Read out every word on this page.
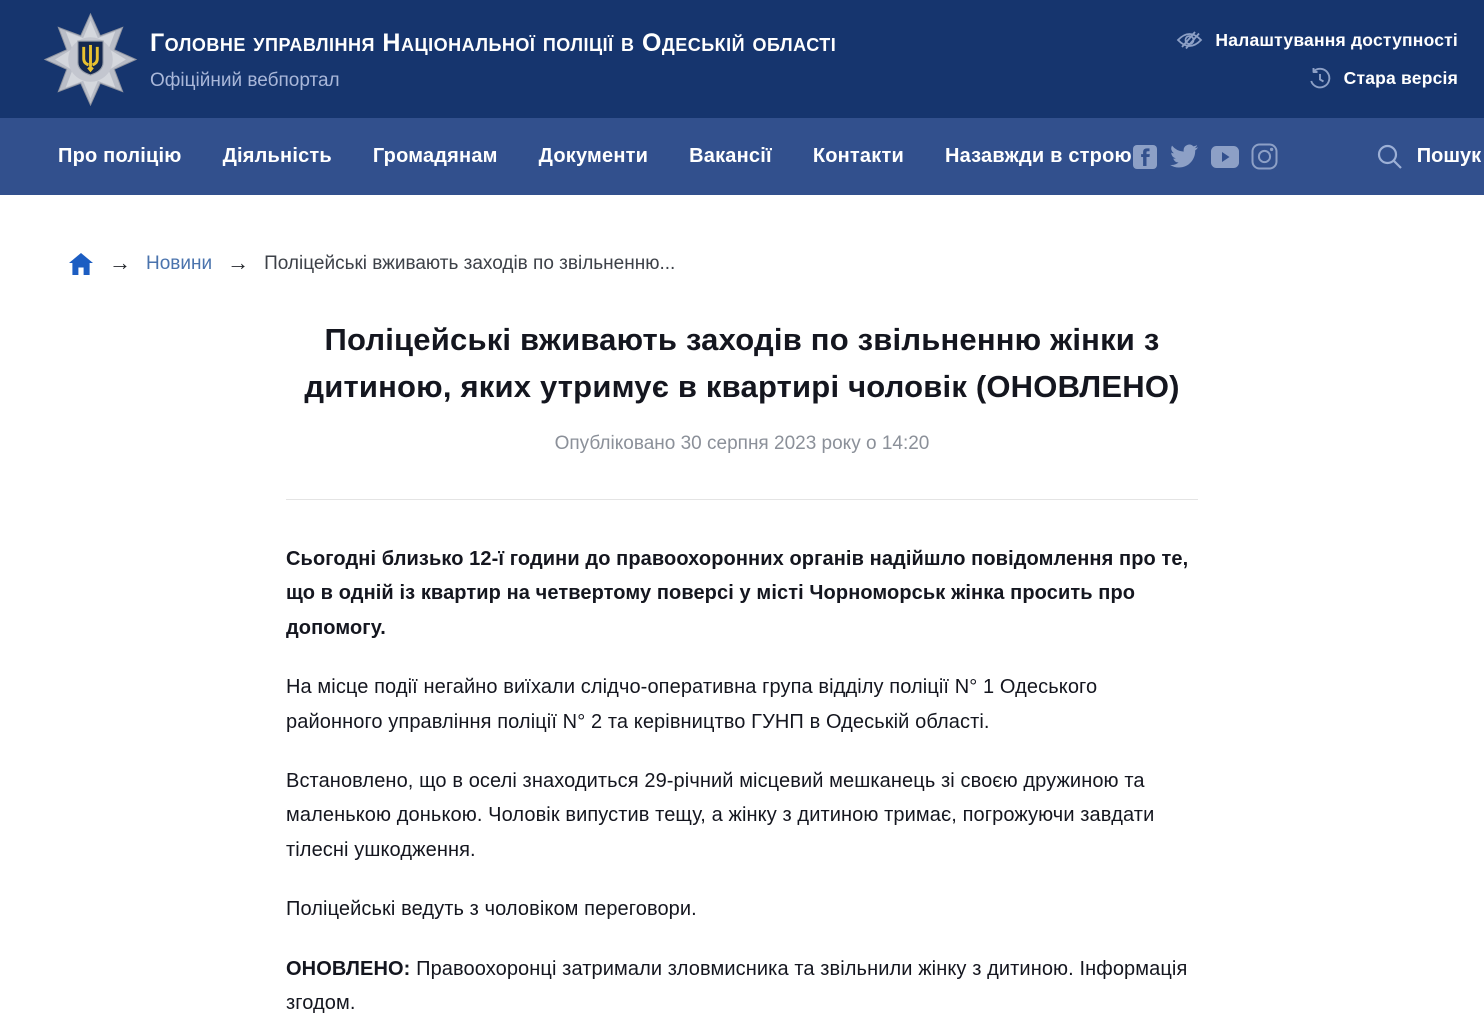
Головне управління Національної поліції в Одеській області
Офіційний вебпортал
Налаштування доступності
Стара версія
Про поліцію Діяльність Громадянам Документи Вакансії Контакти Назавжди в строю	Пошук
→ Новини → Поліцейські вживають заходів по звільненню...
Поліцейські вживають заходів по звільненню жінки з дитиною, яких утримує в квартирі чоловік (ОНОВЛЕНО)
Опубліковано 30 серпня 2023 року о 14:20

Сьогодні близько 12-ї години до правоохоронних органів надійшло повідомлення про те, що в одній із квартир на четвертому поверсі у місті Чорноморськ жінка просить про допомогу.

На місце події негайно виїхали слідчо-оперативна група відділу поліції N° 1 Одеського районного управління поліції N° 2 та керівництво ГУНП в Одеській області.

Встановлено, що в оселі знаходиться 29-річний місцевий мешканець зі своєю дружиною та маленькою донькою. Чоловік випустив тещу, а жінку з дитиною тримає, погрожуючи завдати тілесні ушкодження.

Поліцейські ведуть з чоловіком переговори.

ОНОВЛЕНО: Правоохоронці затримали зловмисника та звільнили жінку з дитиною. Інформація згодом.
